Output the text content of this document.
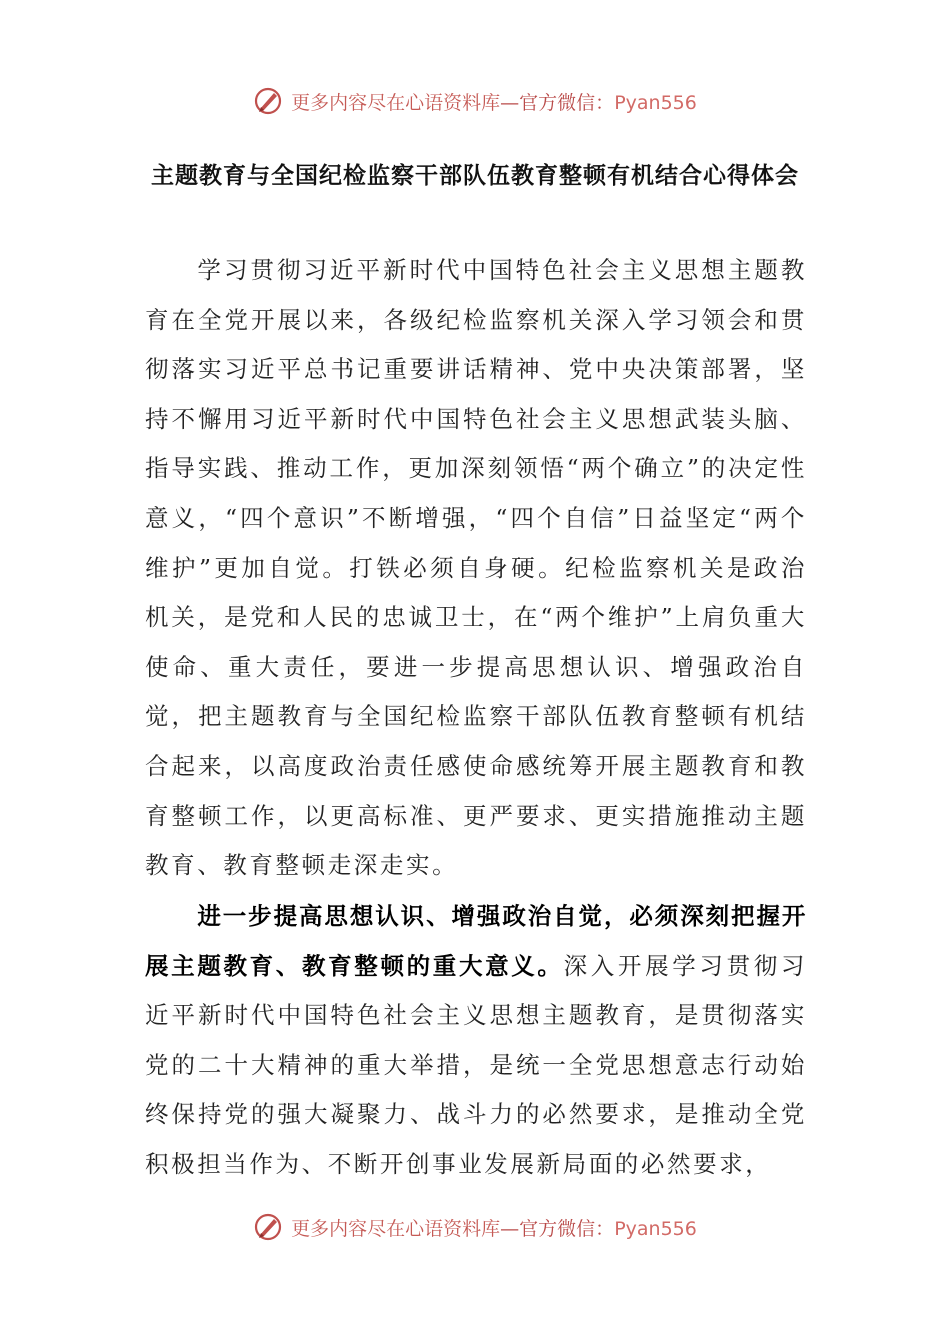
更多内容尽在心语资料库—官方微信：Pyan556
主题教育与全国纪检监察干部队伍教育整顿有机结合心得体会
学习贯彻习近平新时代中国特色社会主义思想主题教育在全党开展以来，各级纪检监察机关深入学习领会和贯彻落实习近平总书记重要讲话精神、党中央决策部署，坚持不懈用习近平新时代中国特色社会主义思想武装头脑、指导实践、推动工作，更加深刻领悟“两个确立”的决定性意义，“四个意识”不断增强，“四个自信”日益坚定“两个维护”更加自觉。打铁必须自身硬。纪检监察机关是政治机关，是党和人民的忠诚卫士，在“两个维护”上肩负重大使命、重大责任，要进一步提高思想认识、增强政治自觉，把主题教育与全国纪检监察干部队伍教育整顿有机结合起来，以高度政治责任感使命感统筹开展主题教育和教育整顿工作，以更高标准、更严要求、更实措施推动主题教育、教育整顿走深走实。
进一步提高思想认识、增强政治自觉，必须深刻把握开展主题教育、教育整顿的重大意义。深入开展学习贯彻习近平新时代中国特色社会主义思想主题教育，是贯彻落实党的二十大精神的重大举措，是统一全党思想意志行动始终保持党的强大凝聚力、战斗力的必然要求，是推动全党积极担当作为、不断开创事业发展新局面的必然要求，
更多内容尽在心语资料库—官方微信：Pyan556
